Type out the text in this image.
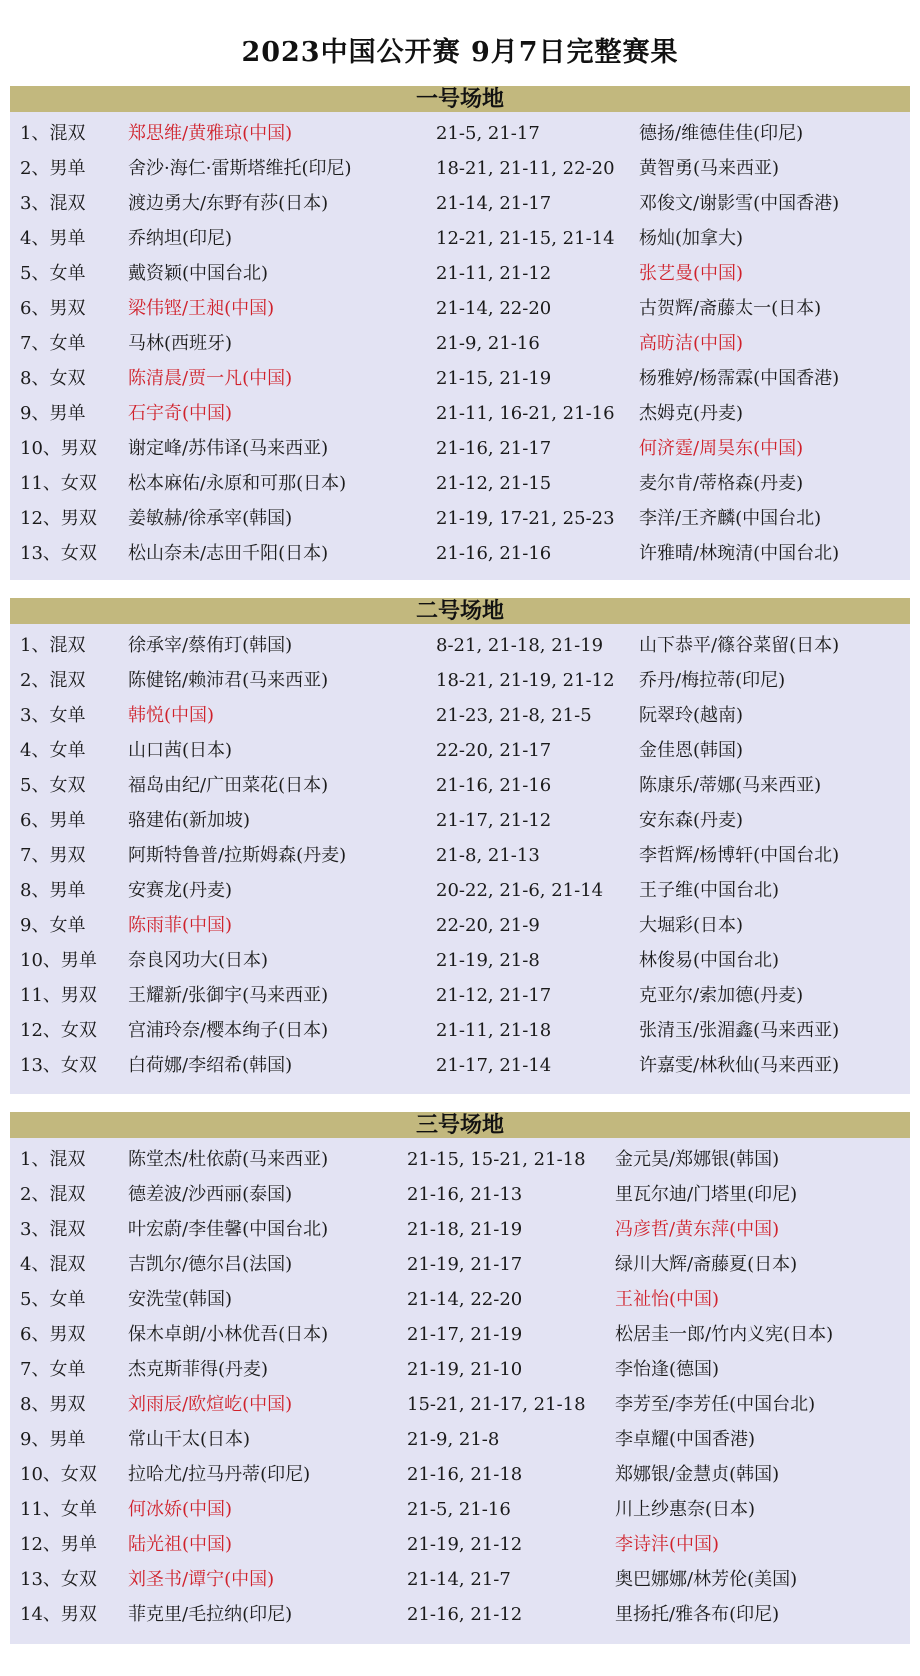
2023中国公开赛 9月7日完整赛果
一号场地
1、混双 郑思维/黄雅琼(中国)	21-5, 21-17	德扬/维德佳佳(印尼)
2、男单 舍沙·海仁·雷斯塔维托(印尼)	18-21, 21-11, 22-20 黄智勇(马来西亚)
3、混双 渡边勇大/东野有莎(日本)	21-14, 21-17	邓俊文/谢影雪(中国香港)
4、男单 乔纳坦(印尼)	12-21, 21-15, 21-14 杨灿(加拿大)
5、女单 戴资颖(中国台北)	21-11, 21-12	张艺曼(中国)
6、男双 梁伟铿/王昶(中国)	21-14, 22-20	古贺辉/斋藤太一(日本)
7、女单 马林(西班牙)	21-9, 21-16	高昉洁(中国)
8、女双 陈清晨/贾一凡(中国)	21-15, 21-19	杨雅婷/杨霈霖(中国香港)
9、男单 石宇奇(中国)	21-11, 16-21, 21-16 杰姆克(丹麦)
10、男双 谢定峰/苏伟译(马来西亚)	21-16, 21-17	何济霆/周昊东(中国)
11、女双 松本麻佑/永原和可那(日本)	21-12, 21-15	麦尔肯/蒂格森(丹麦)
12、男双 姜敏赫/徐承宰(韩国)	21-19, 17-21, 25-23 李洋/王齐麟(中国台北)
13、女双 松山奈未/志田千阳(日本)	21-16, 21-16	许雅晴/林琬清(中国台北)
二号场地
1、混双 徐承宰/蔡侑玎(韩国)	8-21, 21-18, 21-19 山下恭平/篠谷菜留(日本)
2、混双 陈健铭/赖沛君(马来西亚)	18-21, 21-19, 21-12 乔丹/梅拉蒂(印尼)
3、女单 韩悦(中国)	21-23, 21-8, 21-5	阮翠玲(越南)
4、女单 山口茜(日本)	22-20, 21-17	金佳恩(韩国)
5、女双 福岛由纪/广田菜花(日本)	21-16, 21-16	陈康乐/蒂娜(马来西亚)
6、男单 骆建佑(新加坡)	21-17, 21-12	安东森(丹麦)
7、男双 阿斯特鲁普/拉斯姆森(丹麦)	21-8, 21-13	李哲辉/杨博轩(中国台北)
8、男单 安赛龙(丹麦)	20-22, 21-6, 21-14 王子维(中国台北)
9、女单 陈雨菲(中国)	22-20, 21-9	大堀彩(日本)
10、男单 奈良冈功大(日本)	21-19, 21-8	林俊易(中国台北)
11、男双 王耀新/张御宇(马来西亚)	21-12, 21-17	克亚尔/索加德(丹麦)
12、女双 宫浦玲奈/樱本绚子(日本)	21-11, 21-18	张清玉/张湄鑫(马来西亚)
13、女双 白荷娜/李绍希(韩国)	21-17, 21-14	许嘉雯/林秋仙(马来西亚)
三号场地
1、混双 陈堂杰/杜依蔚(马来西亚)	21-15, 15-21, 21-18 金元昊/郑娜银(韩国)
2、混双 德差波/沙西丽(泰国)	21-16, 21-13	里瓦尔迪/门塔里(印尼)
3、混双 叶宏蔚/李佳馨(中国台北)	21-18, 21-19	冯彦哲/黄东萍(中国)
4、混双 吉凯尔/德尔吕(法国)	21-19, 21-17	绿川大辉/斋藤夏(日本)
5、女单 安洗莹(韩国)	21-14, 22-20	王祉怡(中国)
6、男双 保木卓朗/小林优吾(日本)	21-17, 21-19	松居圭一郎/竹内义宪(日本)
7、女单 杰克斯菲得(丹麦)	21-19, 21-10	李怡逢(德国)
8、男双 刘雨辰/欧煊屹(中国)	15-21, 21-17, 21-18 李芳至/李芳任(中国台北)
9、男单 常山干太(日本)	21-9, 21-8	李卓耀(中国香港)
10、女双 拉哈尤/拉马丹蒂(印尼)	21-16, 21-18	郑娜银/金慧贞(韩国)
11、女单 何冰娇(中国)	21-5, 21-16	川上纱惠奈(日本)
12、男单 陆光祖(中国)	21-19, 21-12	李诗沣(中国)
13、女双 刘圣书/谭宁(中国)	21-14, 21-7	奥巴娜娜/林芳伦(美国)
14、男双 菲克里/毛拉纳(印尼)	21-16, 21-12	里扬托/雅各布(印尼)
